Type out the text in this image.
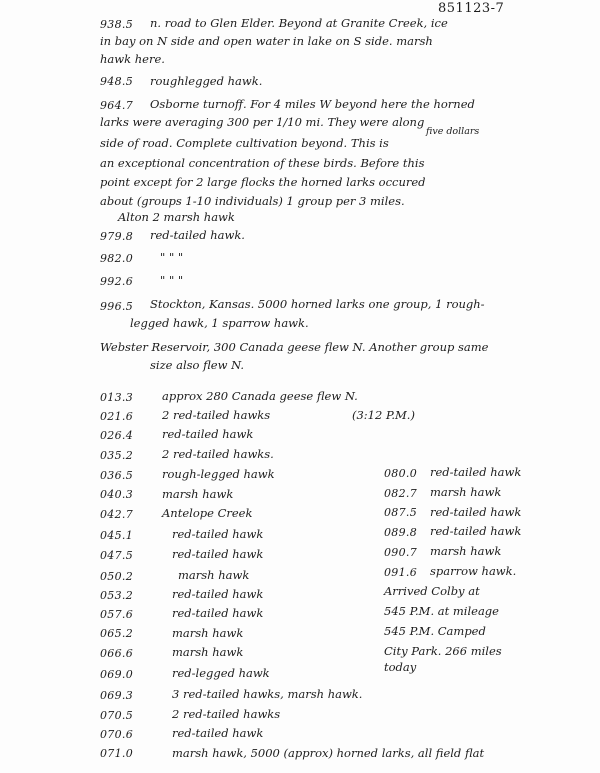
851123-7
938.5 n. road to Glen Elder. Beyond at Granite Creek, ice
in bay on N side and open water in lake on S side. marsh
hawk here.
948.5 roughlegged hawk.
964.7 Osborne turnoff. For 4 miles W beyond here the horned
larks were averaging 300 per 1/10 mi. They were along
five dollars
side of road. Complete cultivation beyond. This is
an exceptional concentration of these birds. Before this
point except for 2 large flocks the horned larks occured
about (groups 1-10 individuals) 1 group per 3 miles.
Alton 2 marsh hawk
979.8 red-tailed hawk.
982.0 " " "
992.6 " " "
996.5 Stockton, Kansas. 5000 horned larks one group, 1 rough-
legged hawk, 1 sparrow hawk.
Webster Reservoir, 300 Canada geese flew N. Another group same
size also flew N.
013.3	approx 280 Canada geese flew N.
021.6	2 red-tailed hawks	(3:12 P.M.)
026.4	red-tailed hawk
035.2	2 red-tailed hawks.
036.5	rough-legged hawk
040.3	marsh hawk
042.7	Antelope Creek
045.1	red-tailed hawk
047.5	red-tailed hawk
050.2	marsh hawk
053.2	red-tailed hawk
057.6	red-tailed hawk
065.2	marsh hawk
066.6	marsh hawk
069.0	red-legged hawk
069.3	3 red-tailed hawks, marsh hawk.
070.5	2 red-tailed hawks
070.6	red-tailed hawk
071.0	marsh hawk, 5000 (approx) horned larks, all field flat
080.0 red-tailed hawk
082.7 marsh hawk
087.5 red-tailed hawk
089.8 red-tailed hawk
090.7 marsh hawk
091.6 sparrow hawk.
Arrived Colby at
545 P.M. at mileage
545 P.M. Camped
City Park. 266 miles
today
